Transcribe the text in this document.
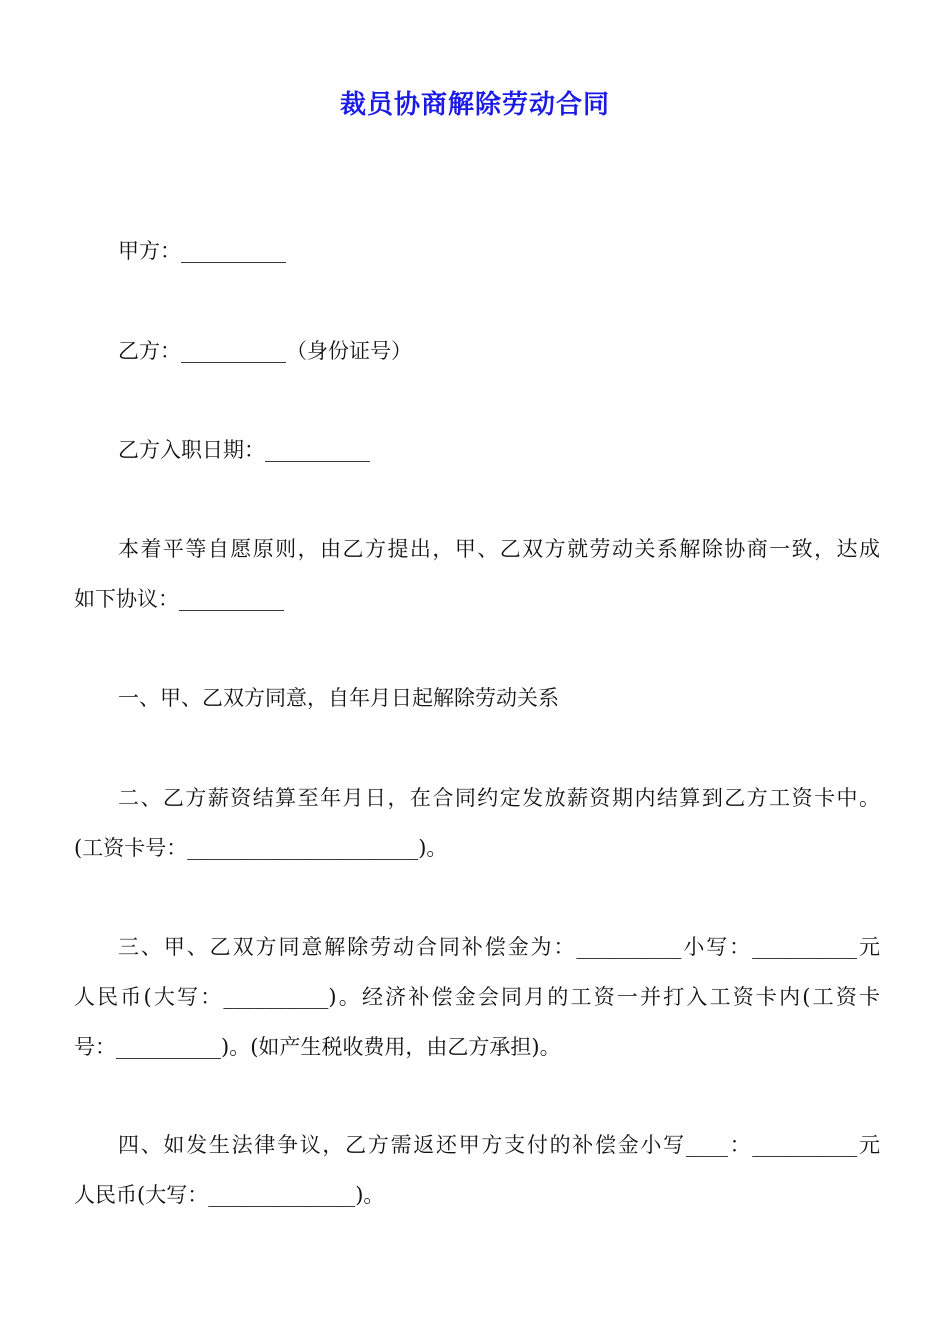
裁员协商解除劳动合同
甲方：__________
乙方：__________（身份证号）
乙方入职日期：__________
本着平等自愿原则，由乙方提出，甲、乙双方就劳动关系解除协商一致，达成
如下协议：__________
一、甲、乙双方同意，自年月日起解除劳动关系
二、乙方薪资结算至年月日，在合同约定发放薪资期内结算到乙方工资卡中。
(工资卡号：______________________)。
三、甲、乙双方同意解除劳动合同补偿金为：__________小写：__________元
人民币(大写：__________)。经济补偿金会同月的工资一并打入工资卡内(工资卡
号：__________)。(如产生税收费用，由乙方承担)。
四、如发生法律争议，乙方需返还甲方支付的补偿金小写____：__________元
人民币(大写：______________)。
